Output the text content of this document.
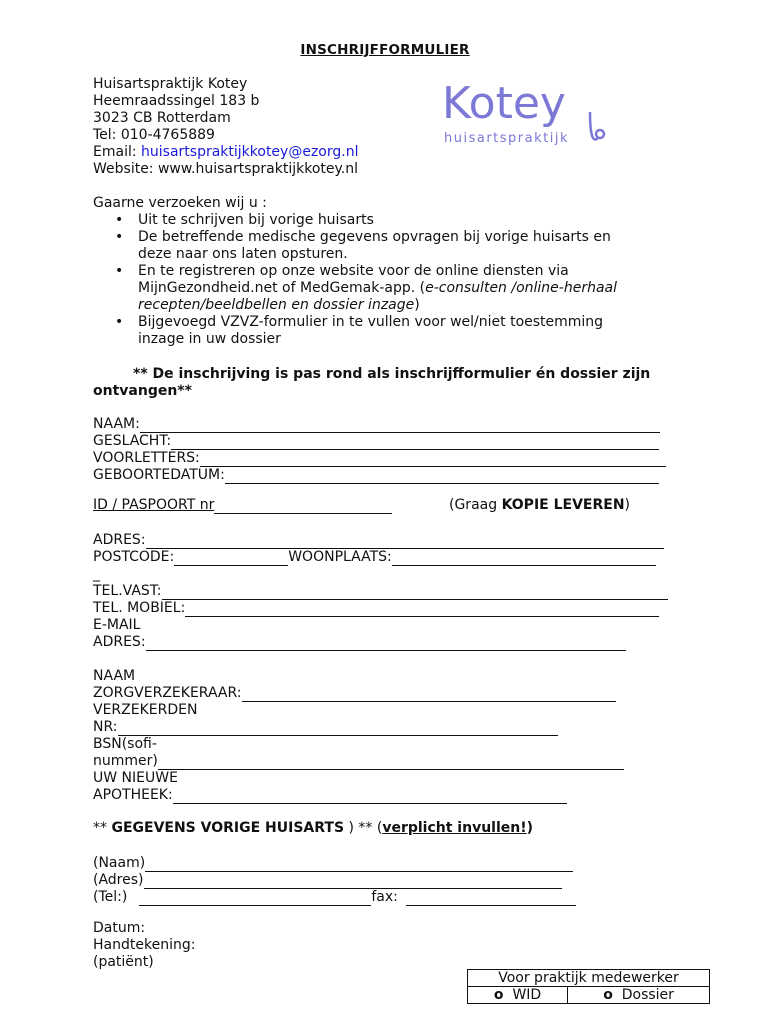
INSCHRIJFFORMULIER
Huisartspraktijk Kotey
Heemraadssingel 183 b
3023 CB Rotterdam
Tel: 010-4765889
Email: huisartspraktijkkotey@ezorg.nl
Website: www.huisartspraktijkkotey.nl
Kotey
huisartspraktijk
Gaarne verzoeken wij u :
• Uit te schrijven bij vorige huisarts
• De betreffende medische gegevens opvragen bij vorige huisarts en
deze naar ons laten opsturen.
• En te registreren op onze website voor de online diensten via
MijnGezondheid.net of MedGemak-app. (e-consulten /online-herhaal
recepten/beeldbellen en dossier inzage)
• Bijgevoegd VZVZ-formulier in te vullen voor wel/niet toestemming
inzage in uw dossier
** De inschrijving is pas rond als inschrijfformulier én dossier zijn ontvangen**
NAAM:
GESLACHT:
VOORLETTERS:
GEBOORTEDATUM:
ID / PASPOORT nr	(Graag KOPIE LEVEREN)
ADRES:
POSTCODE:	WOONPLAATS:
_
TEL.VAST:
TEL. MOBIEL:
E-MAIL
ADRES:
NAAM
ZORGVERZEKERAAR:
VERZEKERDEN
NR:
BSN(sofi-
nummer)
UW NIEUWE
APOTHEEK:
** GEGEVENS VORIGE HUISARTS ) ** (verplicht invullen!)
(Naam)
(Adres)
(Tel:)	fax:
Datum:
Handtekening:
(patiënt)
Voor praktijk medewerker
o WID	o Dossier
